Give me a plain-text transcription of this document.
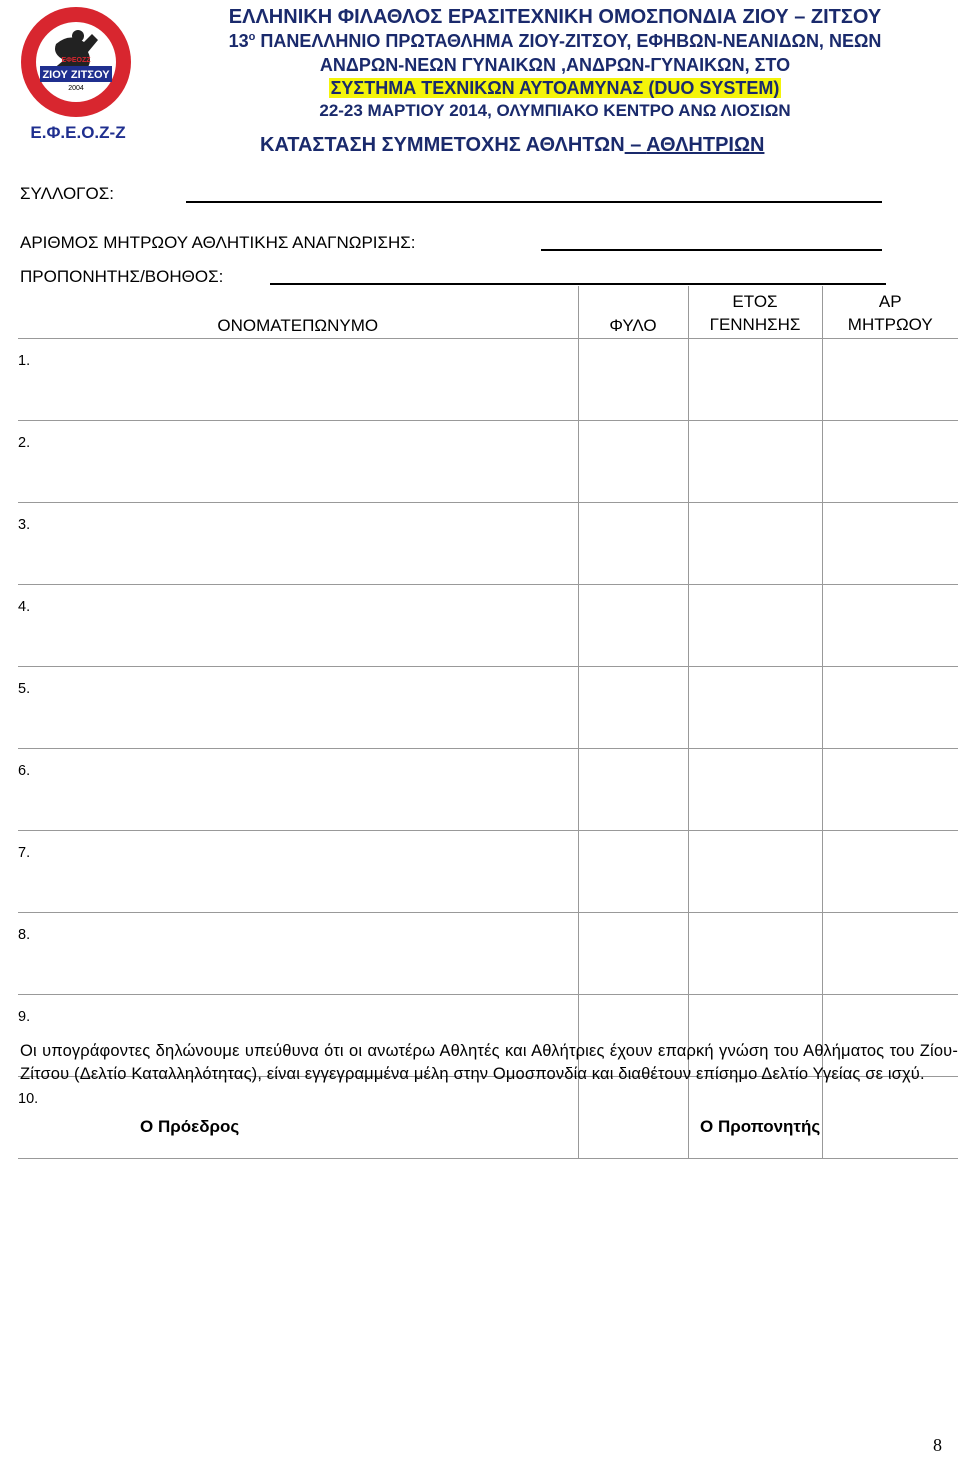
ΖΙΟΥ ΖΙΤΣΟΥ
ΕΦΕΟΖΖ
2004
Ε.Φ.Ε.Ο.Ζ-Ζ
ΕΛΛΗΝΙΚΗ ΦΙΛΑΘΛΟΣ ΕΡΑΣΙΤΕΧΝΙΚΗ ΟΜΟΣΠΟΝΔΙΑ ΖΙΟΥ – ΖΙΤΣΟΥ
$13^o$ ΠΑΝΕΛΛΗΝΙΟ ΠΡΩΤΑΘΛΗΜΑ ΖΙΟΥ-ΖΙΤΣΟΥ, ΕΦΗΒΩΝ-ΝΕΑΝΙΔΩΝ, ΝΕΩΝ
ΑΝΔΡΩΝ-ΝΕΩΝ ΓΥΝΑΙΚΩΝ ,ΑΝΔΡΩΝ-ΓΥΝΑΙΚΩΝ, ΣΤΟ
ΣΥΣΤΗΜΑ ΤΕΧΝΙΚΩΝ ΑΥΤΟΑΜΥΝΑΣ (DUO SYSTEM)
22-23 ΜΑΡΤΙΟΥ 2014, ΟΛΥΜΠΙΑΚΟ ΚΕΝΤΡΟ ΑΝΩ ΛΙΟΣΙΩΝ
ΚΑΤΑΣΤΑΣΗ ΣΥΜΜΕΤΟΧΗΣ ΑΘΛΗΤΩΝ – ΑΘΛΗΤΡΙΩΝ
ΣΥΛΛΟΓΟΣ:
ΑΡΙΘΜΟΣ ΜΗΤΡΩΟΥ ΑΘΛΗΤΙΚΗΣ ΑΝΑΓΝΩΡΙΣΗΣ:
ΠΡΟΠΟΝΗΤΗΣ/ΒΟΗΘΟΣ:
ΟΝΟΜΑΤΕΠΩΝΥΜΟ	ΦΥΛΟ	ΕΤΟΣ
ΓΕΝΝΗΣΗΣ	ΑΡ
ΜΗΤΡΩΟΥ
1.			
2.			
3.			
4.			
5.			
6.			
7.			
8.			
9.			
10.			
Οι υπογράφοντες δηλώνουμε υπεύθυνα ότι οι ανωτέρω Αθλητές και Αθλήτριες έχουν επαρκή γνώση του Αθλήματος του Ζίου-Ζίτσου (Δελτίο Καταλληλότητας), είναι εγγεγραμμένα μέλη στην Ομοσπονδία και διαθέτουν επίσημο Δελτίο Υγείας σε ισχύ.
Ο Πρόεδρος	Ο Προπονητής
8
